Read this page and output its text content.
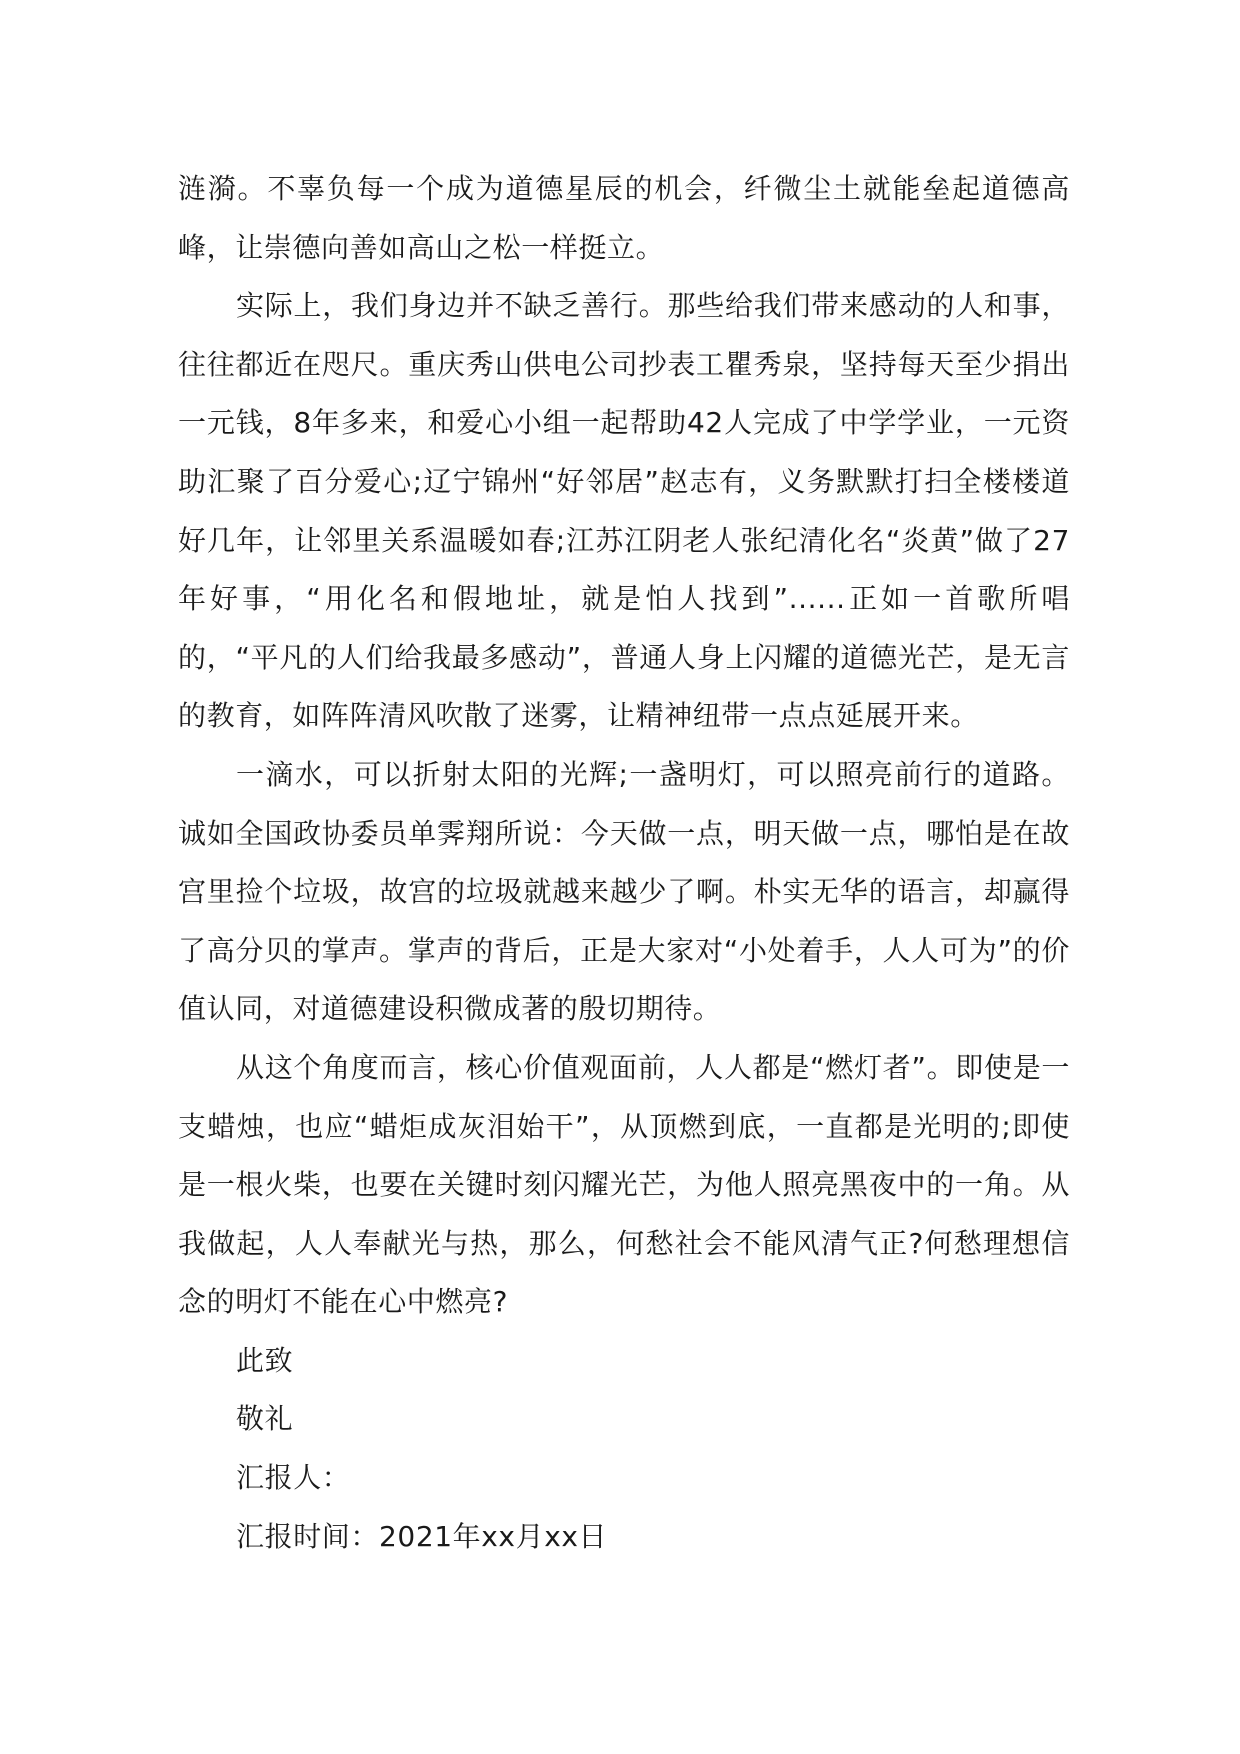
涟漪。不辜负每一个成为道德星辰的机会，纤微尘土就能垒起道德高峰，让崇德向善如高山之松一样挺立。

实际上，我们身边并不缺乏善行。那些给我们带来感动的人和事，往往都近在咫尺。重庆秀山供电公司抄表工瞿秀泉，坚持每天至少捐出一元钱，8年多来，和爱心小组一起帮助42人完成了中学学业，一元资助汇聚了百分爱心;辽宁锦州“好邻居”赵志有，义务默默打扫全楼楼道好几年，让邻里关系温暖如春;江苏江阴老人张纪清化名“炎黄”做了27年好事，“用化名和假地址，就是怕人找到”......正如一首歌所唱的，“平凡的人们给我最多感动”，普通人身上闪耀的道德光芒，是无言的教育，如阵阵清风吹散了迷雾，让精神纽带一点点延展开来。

一滴水，可以折射太阳的光辉;一盏明灯，可以照亮前行的道路。诚如全国政协委员单霁翔所说：今天做一点，明天做一点，哪怕是在故宫里捡个垃圾，故宫的垃圾就越来越少了啊。朴实无华的语言，却赢得了高分贝的掌声。掌声的背后，正是大家对“小处着手，人人可为”的价值认同，对道德建设积微成著的殷切期待。

从这个角度而言，核心价值观面前，人人都是“燃灯者”。即使是一支蜡烛，也应“蜡炬成灰泪始干”，从顶燃到底，一直都是光明的;即使是一根火柴，也要在关键时刻闪耀光芒，为他人照亮黑夜中的一角。从我做起，人人奉献光与热，那么，何愁社会不能风清气正?何愁理想信念的明灯不能在心中燃亮?

此致

敬礼

汇报人：

汇报时间：2021年xx月xx日
